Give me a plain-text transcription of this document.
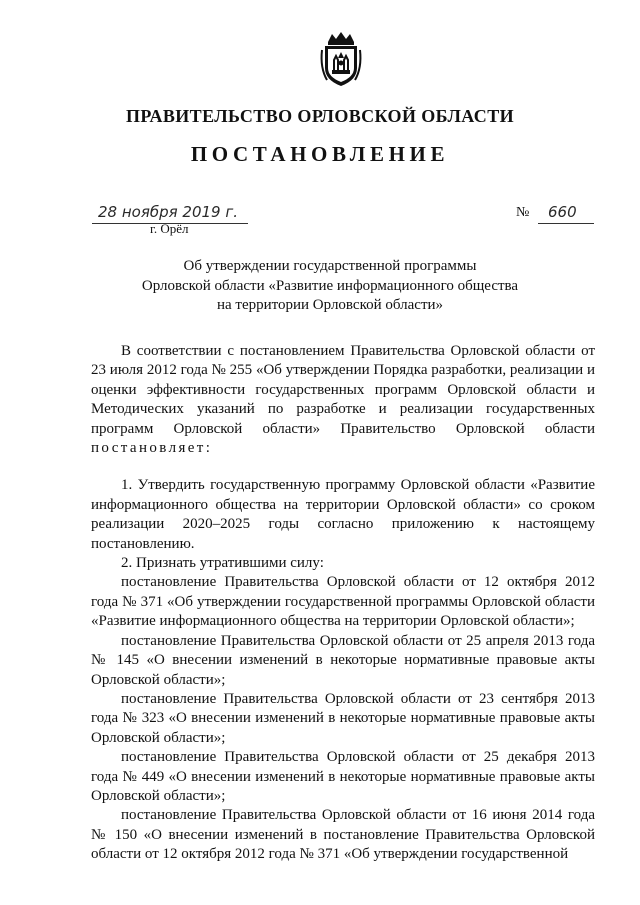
ПРАВИТЕЛЬСТВО ОРЛОВСКОЙ ОБЛАСТИ
ПОСТАНОВЛЕНИЕ
28 ноября 2019 г.
г. Орёл
№ 660
Об утверждении государственной программы
Орловской области «Развитие информационного общества
на территории Орловской области»

В соответствии с постановлением Правительства Орловской области от 23 июля 2012 года № 255 «Об утверждении Порядка разработки, реализации и оценки эффективности государственных программ Орловской области и Методических указаний по разработке и реализации государственных программ Орловской области» Правительство Орловской области постановляет:

1. Утвердить государственную программу Орловской области «Развитие информационного общества на территории Орловской области» со сроком реализации 2020–2025 годы согласно приложению к настоящему постановлению.

2. Признать утратившими силу:

постановление Правительства Орловской области от 12 октября 2012 года № 371 «Об утверждении государственной программы Орловской области «Развитие информационного общества на территории Орловской области»;

постановление Правительства Орловской области от 25 апреля 2013 года № 145 «О внесении изменений в некоторые нормативные правовые акты Орловской области»;

постановление Правительства Орловской области от 23 сентября 2013 года № 323 «О внесении изменений в некоторые нормативные правовые акты Орловской области»;

постановление Правительства Орловской области от 25 декабря 2013 года № 449 «О внесении изменений в некоторые нормативные правовые акты Орловской области»;

постановление Правительства Орловской области от 16 июня 2014 года № 150 «О внесении изменений в постановление Правительства Орловской области от 12 октября 2012 года № 371 «Об утверждении государственной
